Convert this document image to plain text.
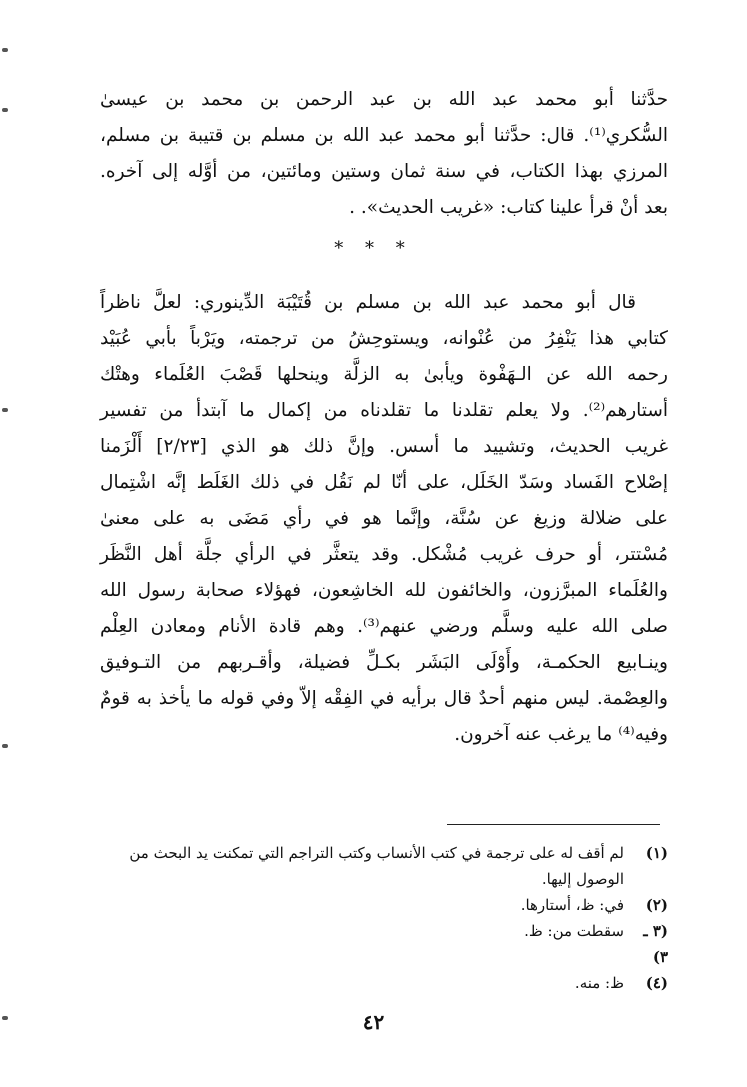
حدَّثنا أبو محمد عبد الله بن عبد الرحمن بن محمد بن عيسىٰ
السُّكري⁽¹⁾. قال: حدَّثنا أبو محمد عبد الله بن مسلم بن قتيبة بن مسلم،
المرزي بهذا الكتاب، في سنة ثمان وستين ومائتين، من أوَّله إلى آخره.
بعد أنْ قرأ علينا كتاب: «غريب الحديث». .
* * *
قال أبو محمد عبد الله بن مسلم بن قُتَيْبَة الدِّينوري: لعلَّ ناظراً
كتابي هذا يَنْفِرُ من عُنْوانه، ويستوحِشُ من ترجمته، ويَرْباً بأبي عُبَيْد
رحمه الله عن الـهَفْوة ويأبىٰ به الزلَّة وينحلها قَصْبَ العُلَماء وهتْك
أستارهم⁽²⁾. ولا يعلم تقلدنا ما تقلدناه من إكمال ما آبتدأ من تفسير
غريب الحديث، وتشييد ما أسس. وإنَّ ذلك هو الذي [٢/٢٣] أَلْزَمنا
إصْلاح الفَساد وسَدّ الخَلَل، على أنّا لم نَقُل في ذلك الغَلَط إنَّه اشْتِمال
على ضلالة وزيغ عن سُنَّة، وإنَّما هو في رأي مَضَى به على معنىٰ
مُسْتتر، أو حرف غريب مُشْكل. وقد يتعثَّر في الرأي جلَّة أهل النَّظَر
والعُلَماء المبرَّزون، والخائفون لله الخاشِعون، فهؤلاء صحابة رسول الله
صلى الله عليه وسلَّم ورضي عنهم⁽³⁾. وهم قادة الأنام ومعادن العِلْم
وينـابيع الحكمـة، وأَوْلَى البَشَر بكـلِّ فضيلة، وأقـربهم من التـوفيق
والعِصْمة. ليس منهم أحدٌ قال برأيه في الفِقْه إلاّ وفي قوله ما يأخذ به قومٌ
وفيه⁽⁴⁾ ما يرغب عنه آخرون.
(١)
لم أقف له على ترجمة في كتب الأنساب وكتب التراجم التي تمكنت يد البحث من الوصول إليها.
(٢)
في: ظ، أستارها.
(٣ ـ ٣)
سقطت من: ظ.
(٤)
ظ: منه.
٤٢
